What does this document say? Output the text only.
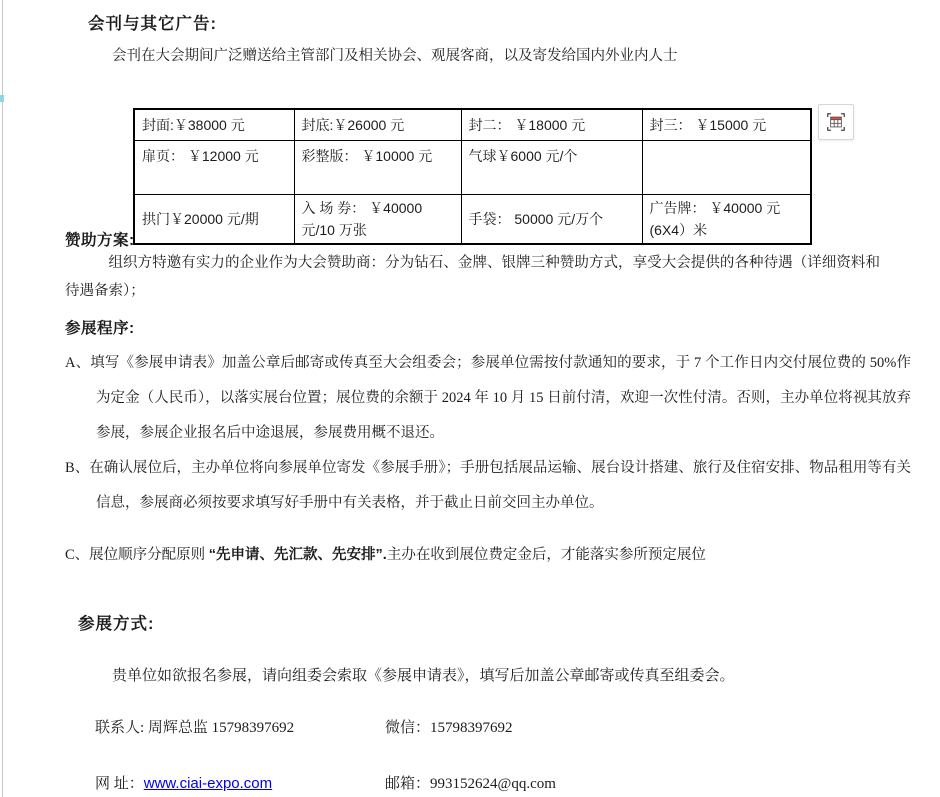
会刊与其它广告:
会刊在大会期间广泛赠送给主管部门及相关协会、观展客商，以及寄发给国内外业内人士
封面:￥38000 元	封底:￥26000 元	封二： ￥18000 元	封三： ￥15000 元
扉页： ￥12000 元	彩整版： ￥10000 元	气球￥6000 元/个	
拱门￥20000 元/期	入 场 券： ￥40000 元/10 万张	手袋： 50000 元/万个	广告牌： ￥40000 元 (6X4）米
赞助方案:
组织方特邀有实力的企业作为大会赞助商：分为钻石、金牌、银牌三种赞助方式，享受大会提供的各种待遇（详细资料和待遇备索）；
参展程序:
A、填写《参展申请表》加盖公章后邮寄或传真至大会组委会；参展单位需按付款通知的要求，于 7 个工作日内交付展位费的 50%作为定金（人民币），以落实展台位置；展位费的余额于 2024 年 10 月 15 日前付清，欢迎一次性付清。否则，主办单位将视其放弃参展，参展企业报名后中途退展，参展费用概不退还。
B、在确认展位后，主办单位将向参展单位寄发《参展手册》；手册包括展品运输、展台设计搭建、旅行及住宿安排、物品租用等有关信息，参展商必须按要求填写好手册中有关表格，并于截止日前交回主办单位。
C、展位顺序分配原则 “先申请、先汇款、先安排”.主办在收到展位费定金后，才能落实参所预定展位
参展方式:
贵单位如欲报名参展，请向组委会索取《参展申请表》，填写后加盖公章邮寄或传真至组委会。
联系人: 周辉总监 15798397692	微信：15798397692
网 址：www.ciai-expo.com	邮箱：993152624@qq.com
